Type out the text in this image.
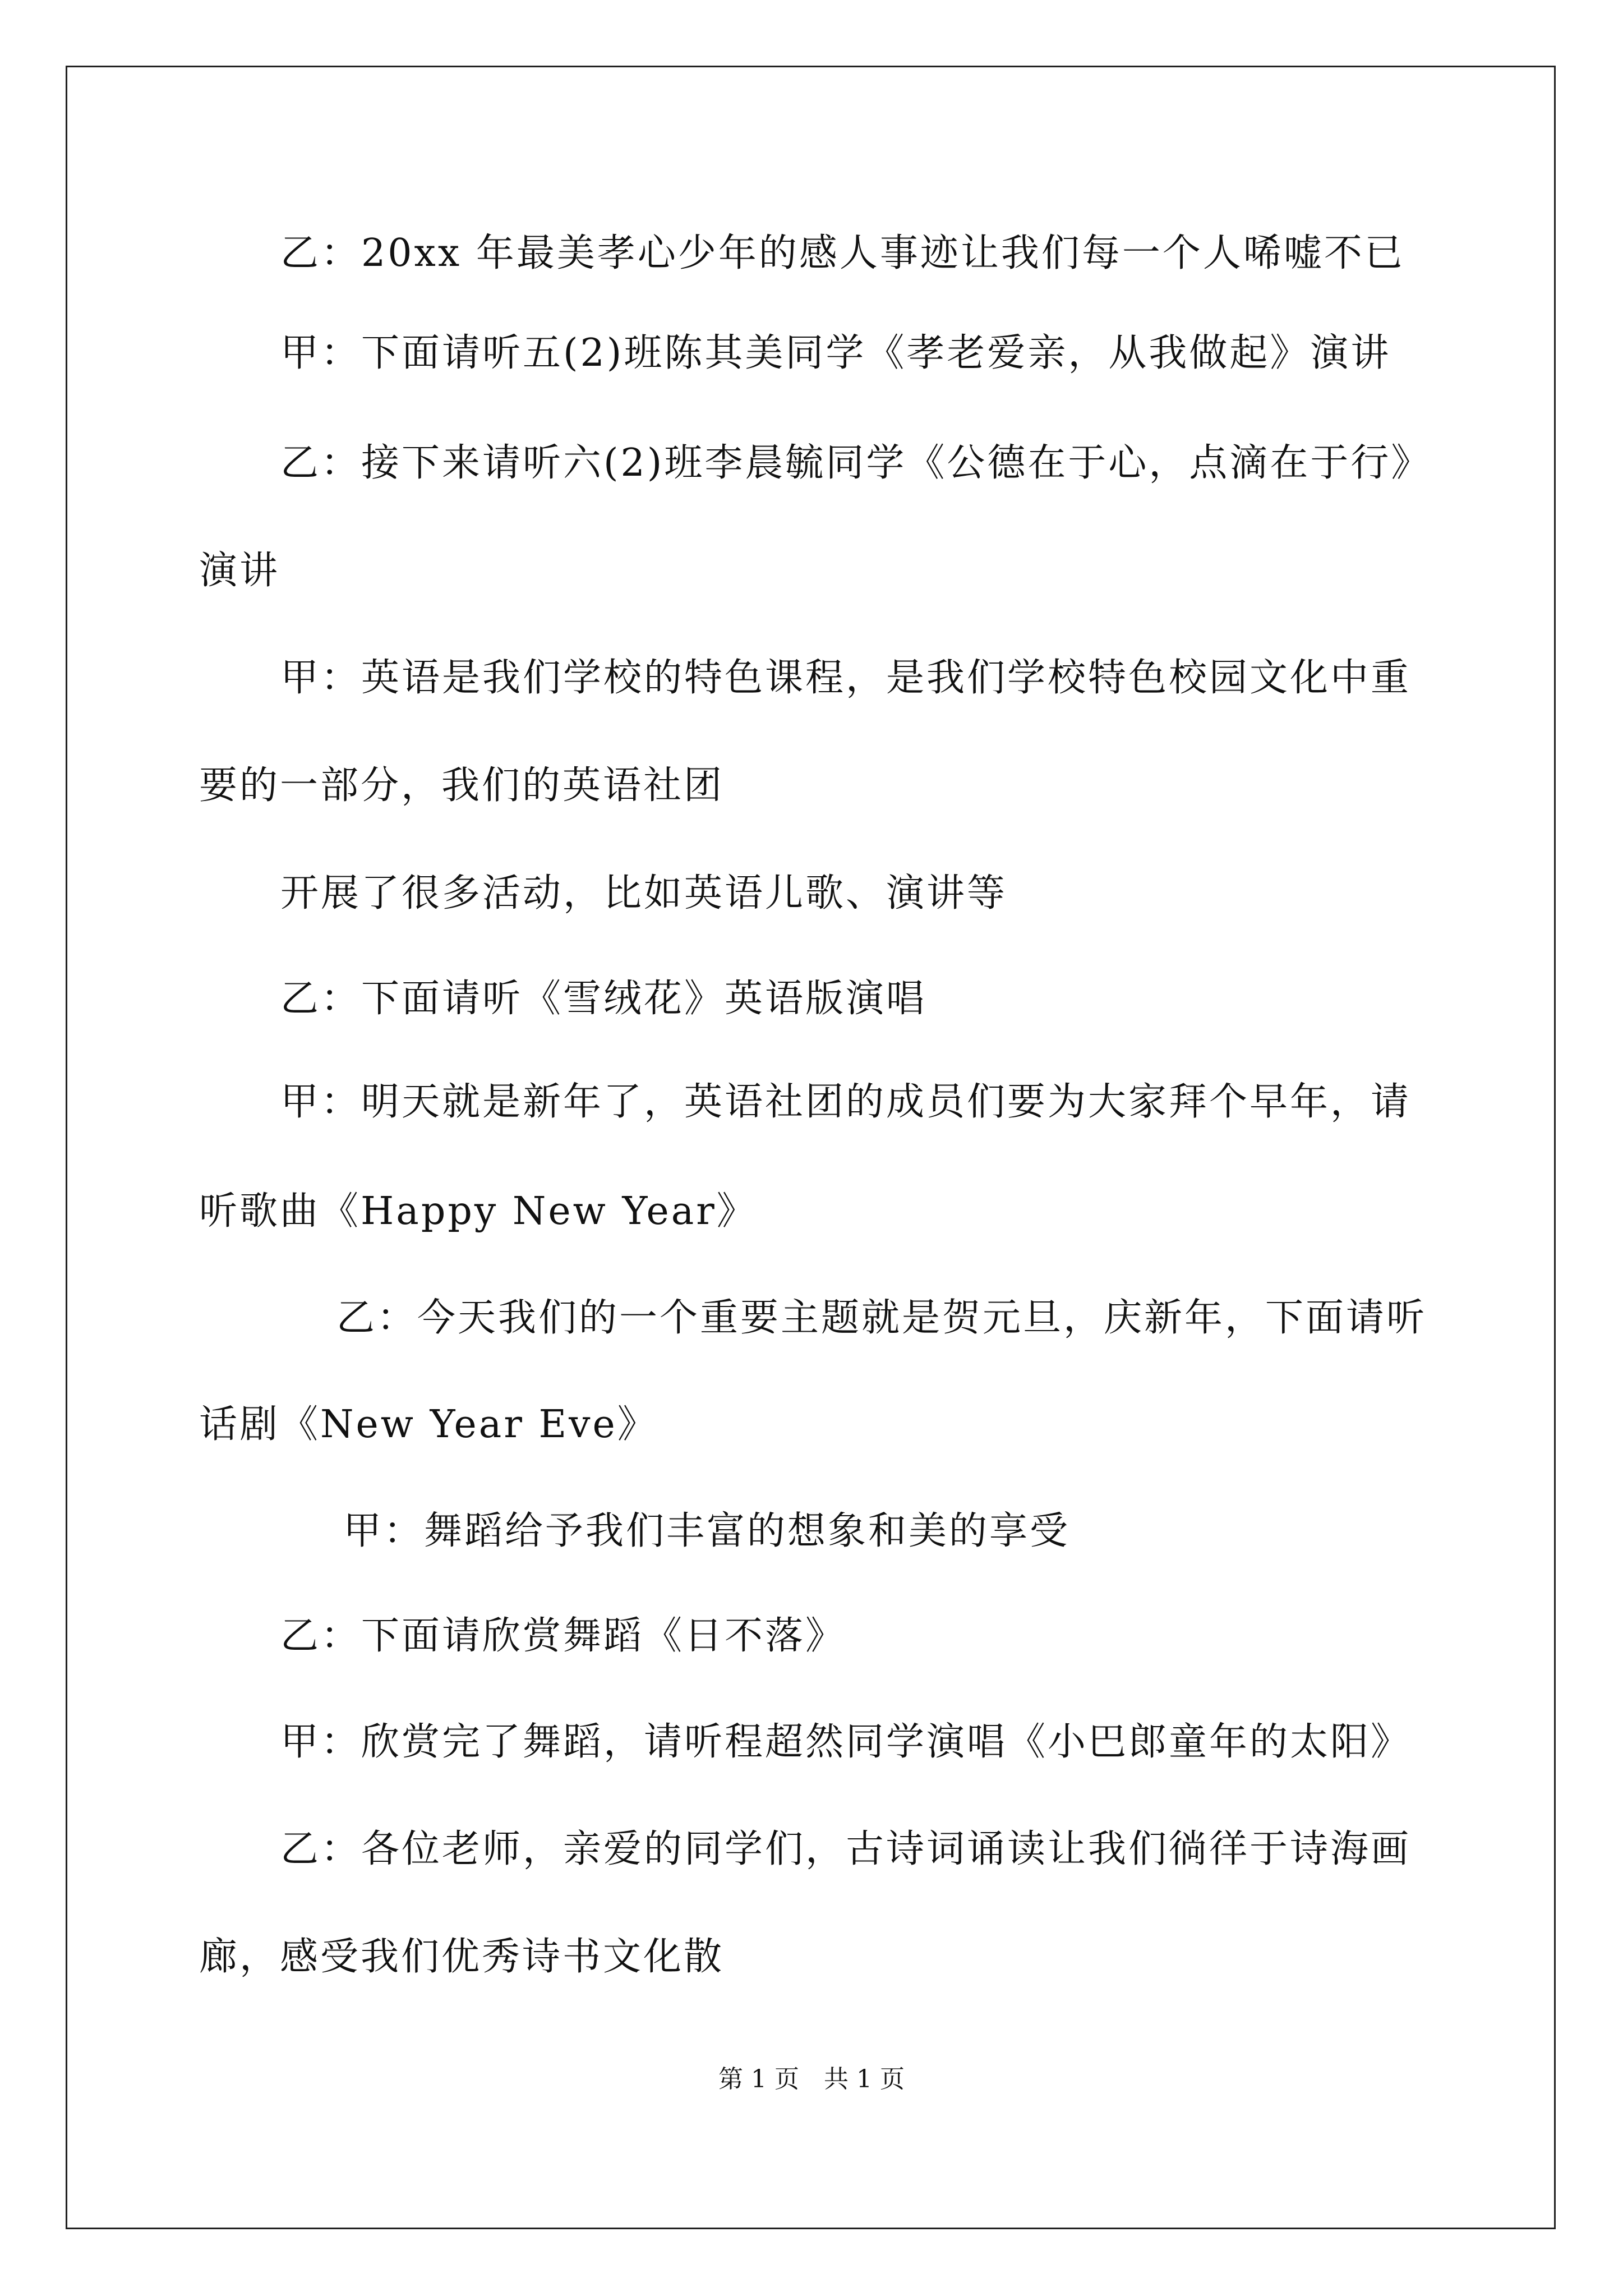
乙：20xx 年最美孝心少年的感人事迹让我们每一个人唏嘘不已
甲：下面请听五(2)班陈其美同学《孝老爱亲，从我做起》演讲
乙：接下来请听六(2)班李晨毓同学《公德在于心，点滴在于行》
演讲
甲：英语是我们学校的特色课程，是我们学校特色校园文化中重
要的一部分，我们的英语社团
开展了很多活动，比如英语儿歌、演讲等
乙：下面请听《雪绒花》英语版演唱
甲：明天就是新年了，英语社团的成员们要为大家拜个早年，请
听歌曲《Happy New Year》
乙：今天我们的一个重要主题就是贺元旦，庆新年，下面请听
话剧《New Year Eve》
甲：舞蹈给予我们丰富的想象和美的享受
乙：下面请欣赏舞蹈《日不落》
甲：欣赏完了舞蹈，请听程超然同学演唱《小巴郎童年的太阳》
乙：各位老师，亲爱的同学们，古诗词诵读让我们徜徉于诗海画
廊，感受我们优秀诗书文化散
第 1 页　共 1 页
